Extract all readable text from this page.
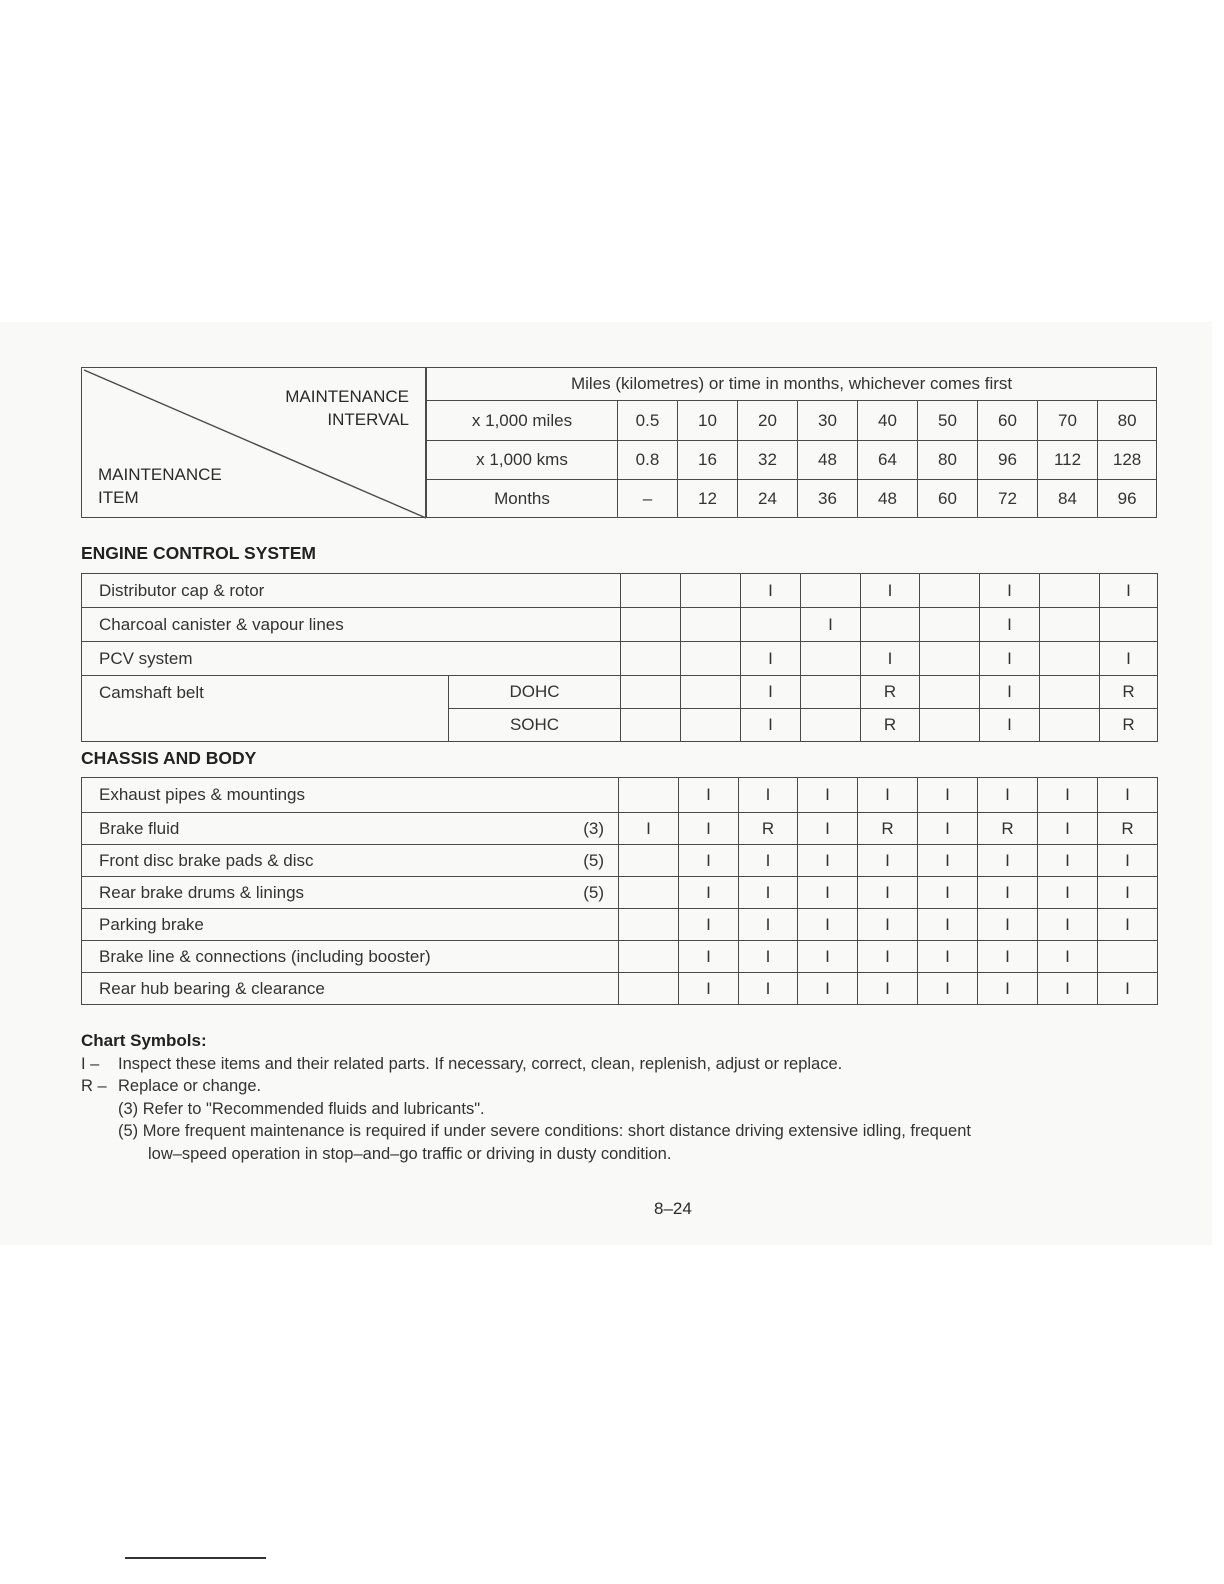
MAINTENANCE
INTERVAL
MAINTENANCE
ITEM
Miles (kilometres) or time in months, whichever comes first									
x 1,000 miles	0.5	10	20	30	40	50	60	70	80
x 1,000 kms	0.8	16	32	48	64	80	96	112	128
Months	–	12	24	36	48	60	72	84	96
ENGINE CONTROL SYSTEM
Distributor cap & rotor				I		I		I		I
Charcoal canister & vapour lines					I			I		
PCV system				I		I		I		I
Camshaft belt	DOHC			I		R		I		R
	SOHC			I		R		I		R
CHASSIS AND BODY
Exhaust pipes & mountings		I	I	I	I	I	I	I	I
Brake fluid (3)	I	I	R	I	R	I	R	I	R
Front disc brake pads & disc (5)		I	I	I	I	I	I	I	I
Rear brake drums & linings (5)		I	I	I	I	I	I	I	I
Parking brake		I	I	I	I	I	I	I	I
Brake line & connections (including booster)		I	I	I	I	I	I	I	
Rear hub bearing & clearance		I	I	I	I	I	I	I	I
Chart Symbols:
I – Inspect these items and their related parts. If necessary, correct, clean, replenish, adjust or replace.
R – Replace or change.
(3) Refer to "Recommended fluids and lubricants".
(5) More frequent maintenance is required if under severe conditions: short distance driving extensive idling, frequent
low–speed operation in stop–and–go traffic or driving in dusty condition.
8–24
